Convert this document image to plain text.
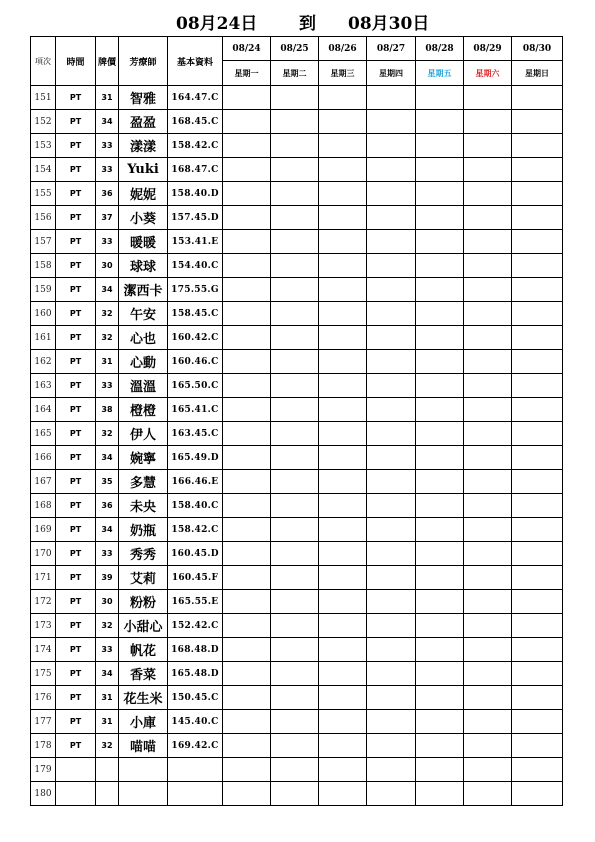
08月24日 到 08月30日
項次	時間	牌價	芳療師	基本資料	08/24	08/25	08/26	08/27	08/28	08/29	08/30
					星期一	星期二	星期三	星期四	星期五	星期六	星期日
151	PT	31	智雅	164.47.C							
152	PT	34	盈盈	168.45.C							
153	PT	33	漾漾	158.42.C							
154	PT	33	Yuki	168.47.C							
155	PT	36	妮妮	158.40.D							
156	PT	37	小葵	157.45.D							
157	PT	33	暖暖	153.41.E							
158	PT	30	球球	154.40.C							
159	PT	34	潔西卡	175.55.G							
160	PT	32	午安	158.45.C							
161	PT	32	心也	160.42.C							
162	PT	31	心動	160.46.C							
163	PT	33	溫溫	165.50.C							
164	PT	38	橙橙	165.41.C							
165	PT	32	伊人	163.45.C							
166	PT	34	婉寧	165.49.D							
167	PT	35	多慧	166.46.E							
168	PT	36	未央	158.40.C							
169	PT	34	奶瓶	158.42.C							
170	PT	33	秀秀	160.45.D							
171	PT	39	艾莉	160.45.F							
172	PT	30	粉粉	165.55.E							
173	PT	32	小甜心	152.42.C							
174	PT	33	帆花	168.48.D							
175	PT	34	香菜	165.48.D							
176	PT	31	花生米	150.45.C							
177	PT	31	小庫	145.40.C							
178	PT	32	喵喵	169.42.C							
179											
180											
